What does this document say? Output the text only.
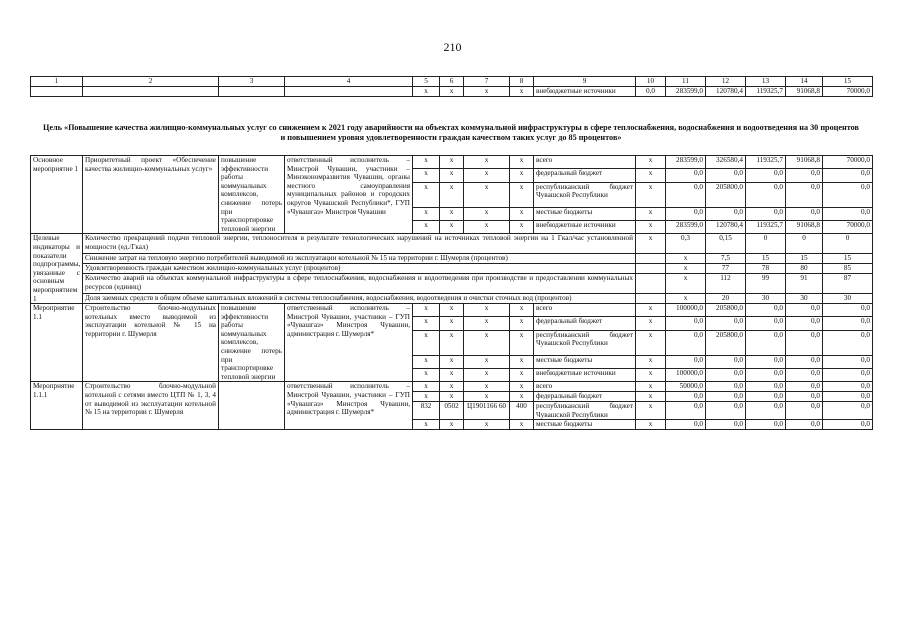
210
1	2	3	4	5	6	7	8	9	10	11	12	13	14	15
				x	x	x	x	внебюджетные источники	0,0	283599,0	120780,4	119325,7	91068,8	70000,0
Цель «Повышение качества жилищно-коммунальных услуг со снижением к 2021 году аварийности на объектах коммунальной инфраструктуры в сфере теплоснабжения, водоснабжения и водоотведения на 30 процентов и повышением уровня удовлетворенности граждан качеством таких услуг до 85 процентов»
Основное мероприятие 1	Приоритетный проект «Обеспечение качества жилищно-коммунальных услуг»	повышение эффективности работы коммунальных комплексов, снижение потерь при транспортировке тепловой энергии	ответственный исполнитель – Минстрой Чувашии, участники – Минэкономразвития Чувашии, органы местного самоуправления муниципальных районов и городских округов Чувашской Республики*, ГУП «Чувашгаз» Минстроя Чувашии	x	x	x	x	всего	x	283599,0	326580,4	119325,7	91068,8	70000,0	
				x	x	x	x	федеральный бюджет	x	0,0	0,0	0,0	0,0	0,0	
				x	x	x	x	республиканский бюджет Чувашской Республики	x	0,0	205800,0	0,0	0,0	0,0	
				x	x	x	x	местные бюджеты	x	0,0	0,0	0,0	0,0	0,0	
				x	x	x	x	внебюджетные источники	x	283599,0	120780,4	119325,7	91068,8	70000,0	
Целевые индикаторы и показатели подпрограммы, увязанные с основным мероприятием 1	Количество прекращений подачи тепловой энергии, теплоносителя в результате технологических нарушений на источниках тепловой энергии на 1 Гкал/час установленной мощности (ед./Гкал)								x	0,3	0,15	0	0	0	
	Снижение затрат на тепловую энергию потребителей выводимой из эксплуатации котельной № 15 на территории г. Шумерля (процентов)									x	7,5	15	15	15	
	Удовлетворенность граждан качеством жилищно-коммунальных услуг (процентов)									x	77	78	80	85	
	Количество аварий на объектах коммунальной инфраструктуры в сфере теплоснабжения, водоснабжения и водоотведения при производстве и предоставлении коммунальных ресурсов (единиц)									x	112	99	91	87	
	Доля заемных средств в общем объеме капитальных вложений в системы теплоснабжения, водоснабжения, водоотведения и очистки сточных вод (процентов)									x	20	30	30	30	
Мероприятие 1.1	Строительство блочно-модульных котельных вместо выводимой из эксплуатации котельной № 15 на территории г. Шумерля	повышение эффективности работы коммунальных комплексов, снижение потерь при транспортировке тепловой энергии	ответственный исполнитель – Минстрой Чувашии, участники – ГУП «Чувашгаз» Минстроя Чувашии, администрация г. Шумерля*	x	x	x	x	всего	x	100000,0	205800,0	0,0	0,0	0,0	
				x	x	x	x	федеральный бюджет	x	0,0	0,0	0,0	0,0	0,0	
				x	x	x	x	республиканский бюджет Чувашской Республики	x	0,0	205800,0	0,0	0,0	0,0	
				x	x	x	x	местные бюджеты	x	0,0	0,0	0,0	0,0	0,0	
				x	x	x	x	внебюджетные источники	x	100000,0	0,0	0,0	0,0	0,0	
Мероприятие 1.1.1	Строительство блочно-модульной котельной с сетями вместо ЦТП № 1, 3, 4 от выводимой из эксплуатации котельной № 15 на территории г. Шумерля		ответственный исполнитель – Минстрой Чувашии, участники – ГУП «Чувашгаз» Минстроя Чувашии, администрация г. Шумерля*	x	x	x	x	всего	x	50000,0	0,0	0,0	0,0	0,0	
				x	x	x	x	федеральный бюджет	x	0,0	0,0	0,0	0,0	0,0	
				832	0502	Ц1901166 60	400	республиканский бюджет Чувашской Республики	x	0,0	0,0	0,0	0,0	0,0	
				x	x	x	x	местные бюджеты	x	0,0	0,0	0,0	0,0	0,0	
